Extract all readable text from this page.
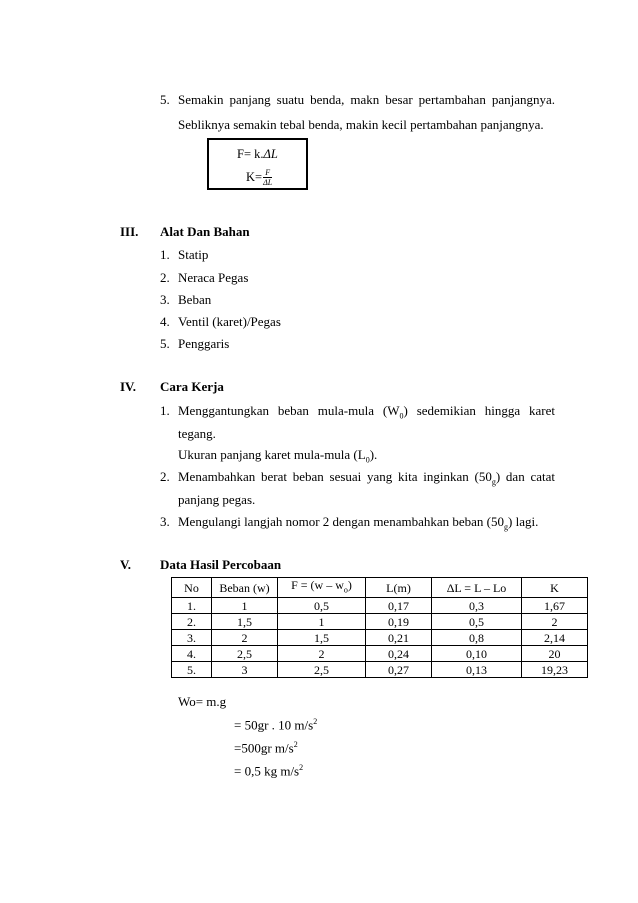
5. Semakin panjang suatu benda, makn besar pertambahan panjangnya.
Sebliknya semakin tebal benda, makin kecil pertambahan panjangnya.
F= k.ΔL
$K= \frac{F}{\Delta L}$
III. Alat Dan Bahan
1. Statip
2. Neraca Pegas
3. Beban
4. Ventil (karet)/Pegas
5. Penggaris
IV. Cara Kerja
1. Menggantungkan beban mula-mula $(W_0)$ sedemikian hingga karet
tegang.
Ukuran panjang karet mula-mula $(L_0)$.
2. Menambahkan berat beban sesuai yang kita inginkan $(50_g)$ dan catat
panjang pegas.
3. Mengulangi langjah nomor 2 dengan menambahkan beban $(50_g)$ lagi.
V. Data Hasil Percobaan
No	Beban (w)	$F = (w - w_o)$	L(m)	ΔL = L – Lo	K
1.	1	0,5	0,17	0,3	1,67
2.	1,5	1	0,19	0,5	2
3.	2	1,5	0,21	0,8	2,14
4.	2,5	2	0,24	0,10	20
5.	3	2,5	0,27	0,13	19,23
Wo= m.g
= 50gr . 10 $m/s^2$
=500gr $m/s^2$
= 0,5 kg $m/s^2$
